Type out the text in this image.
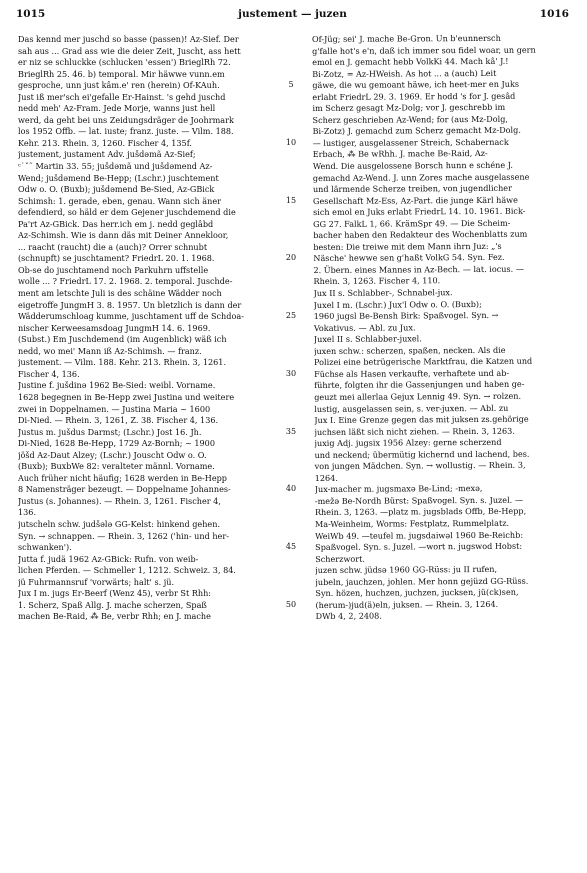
1015	justement — juzen	1016

Das kennd mer juschd so basse (passen)! Az-Sief. Der

sah aus ... Grad ass wie die deier Zeit, Juscht, ass hett

er niz se schluckke (schlucken 'essen') BrieglRh 72.

BrieglRh 25. 46. b) temporal. Mir häwwe vunn.em

gesproche, unn just kâm.e' ren (herein) Of-KAuh.

Just iß mer'sch ei'gefalle Er-Hainst. 's gehd juschd

nedd meh' Az-Fram. Jede Morje, wanns just hell

werd, da geht bei uns Zeidungsdräger de Joohrmark

los 1952 Offb. — lat. iuste; franz. juste. — Vilm. 188.

Kehr. 213. Rhein. 3, 1260. Fischer 4, 135f.

justement, justament Adv. jušdəmã Az-Sief;

ᶜ˙ˇ˜ Martin 33. 55; jušdəmã und jušdəmend Az-

Wend; jušdəmend Be-Hepp; (Lschr.) juschtement

Odw o. O. (Buxb); jušdəmend Be-Sied, Az-GBick

Schimsh: 1. gerade, eben, genau. Wann sich äner

defendierd, so häld er dem Gejener juschdemend die

Pa'rt Az-GBick. Das herr.ich em j. nedd geglâbd

Az-Schimsh. Wie is dann däs mit Deiner Annekloor,

... raacht (raucht) die a (auch)? Orrer schnubt

(schnupft) se juschtament? FriedrL 20. 1. 1968.

Ob-se do juschtamend noch Parkuhrn uffstelle

wolle ... ? FriedrL 17. 2. 1968. 2. temporal. Juschde-

ment am letschte Juli is des schäine Wädder noch

eigetroffe JungmH 3. 8. 1957. Un bletzlich is dann der

Wädderumschloag kumme, juschtament uff de Schdoa-

nischer Kerweesamsdoag JungmH 14. 6. 1969.

(Subst.) Em Juschdemend (im Augenblick) wäß ich

nedd, wo mei' Mann iß Az-Schimsh. — franz.

justement. — Vilm. 188. Kehr. 213. Rhein. 3, 1261.

Fischer 4, 136.

Justine f. jušdinə 1962 Be-Sied: weibl. Vorname.

1628 begegnen in Be-Hepp zwei Justina und weitere

zwei in Doppelnamen. — Justina Maria ~ 1600

Di-Nied. — Rhein. 3, 1261, Z. 38. Fischer 4, 136.

Justus m. jušdus Darmst; (Lschr.) Jost 16. Jh.

Di-Nied, 1628 Be-Hepp, 1729 Az-Bornh; ~ 1900

jöšd Az-Daut Alzey; (Lschr.) Jouscht Odw o. O.

(Buxb); BuxbWe 82: veralteter männl. Vorname.

Auch früher nicht häufig; 1628 werden in Be-Hepp

8 Namensträger bezeugt. — Doppelname Johannes-

Justus (s. Johannes). — Rhein. 3, 1261. Fischer 4,

136.

jutscheln schw. judšələ GG-Kelst: hinkend gehen.

Syn. → schnappen. — Rhein. 3, 1262 ('hin- und her-

schwanken').

Jutta f. judä 1962 Az-GBick: Rufn. von weib-

lichen Pferden. — Schmeller 1, 1212. Schweiz. 3, 84.

jü Fuhrmannsruf 'vorwärts; halt' s. jü.

Jux I m. jugs Er-Beerf (Wenz 45), verbr St Rhh:

1. Scherz, Spaß Allg. J. mache scherzen, Spaß

machen Be-Raid, ⁂ Be, verbr Rhh; en J. mache

Of-Jüg; sei' J. mache Be-Gron. Un b'eunnersch

g'falle hot's e'n, daß ich immer sou fidel woar, un gern

emol en J. gemacht hebb VolkKi 44. Mach kâ' J.!

Bi-Zotz, = Az-HWeish. As hot ... a (auch) Leit

gäwe, die wu gemoant häwe, ich heet-mer en Juks

erlabt FriedrL 29. 3. 1969. Er hodd 's for J. gesâd

im Scherz gesagt Mz-Dolg; vor J. geschrebb im

Scherz geschrieben Az-Wend; for (aus Mz-Dolg,

Bi-Zotz) J. gemachd zum Scherz gemacht Mz-Dolg.

— lustiger, ausgelassener Streich, Schabernack

Erbach, ⁂ Be wRhh. J. mache Be-Raid, Az-

Wend. Die ausgelossene Borsch hunn e schéne J.

gemachd Az-Wend. J. unn Zores mache ausgelassene

und lärmende Scherze treiben, von jugendlicher

Gesellschaft Mz-Ess, Az-Part. die junge Kärl häwe

sich emol en Juks erlabt FriedrL 14. 10. 1961. Bick-

GG 27. FalkL 1, 66. KrämSpr 49. — Die Scheim-

bacher haben den Redakteur des Wochenblatts zum

besten: Die treiwe mit dem Mann ihrn Juz: „'s

Näsche' hewwe sen g'haßt VolkG 54. Syn. Fez.

2. Übern. eines Mannes in Az-Bech. — lat. iocus. —

Rhein. 3, 1263. Fischer 4, 110.

Jux II s. Schlabber-, Schnabel-jux.

Juxel I m. (Lschr.) Jux'l Odw o. O. (Buxb);

1960 jugsl Be-Bensh Birk: Spaßvogel. Syn. →

Vokativus. — Abl. zu Jux.

Juxel II s. Schlabber-juxel.

juxen schw.: scherzen, spaßen, necken. Als die

Polizei eine betrügerische Marktfrau, die Katzen und

Füchse als Hasen verkaufte, verhaftete und ab-

führte, folgten ihr die Gassenjungen und haben ge-

geuzt mei allerlaa Gejux Lennig 49. Syn. → rolzen.

lustig, ausgelassen sein, s. ver-juxen. — Abl. zu

Jux I. Eine Grenze gegen das mit juksen zs.gehörige

juchsen läßt sich nicht ziehen. — Rhein. 3, 1263.

juxig Adj. jugsix 1956 Alzey: gerne scherzend

und neckend; übermütig kichernd und lachend, bes.

von jungen Mädchen. Syn. → wollustig. — Rhein. 3,

1264.

Jux-macher m. jugsmaxə Be-Lind; -mexə,

-mežə Be-Nordh Bürst: Spaßvogel. Syn. s. Juzel. —

Rhein. 3, 1263. —platz m. jugsblads Offb, Be-Hepp,

Ma-Weinheim, Worms: Festplatz, Rummelplatz.

WeiWb 49. —teufel m. jugsdaiwəl 1960 Be-Reichb:

Spaßvogel. Syn. s. Juzel. —wort n. jugswod Hobst:

Scherzwort.

juzen schw. jüdsə 1960 GG-Rüss: ju II rufen,

jubeln, jauchzen, johlen. Mer honn gejüzd GG-Rüss.

Syn. hözen, huchzen, juchzen, jucksen, jü(ck)sen,

(herum-)jud(ä)eln, juksen. — Rhein. 3, 1264.

DWb 4, 2, 2408.

5
10
15
20
25
30
35
40
45
50
